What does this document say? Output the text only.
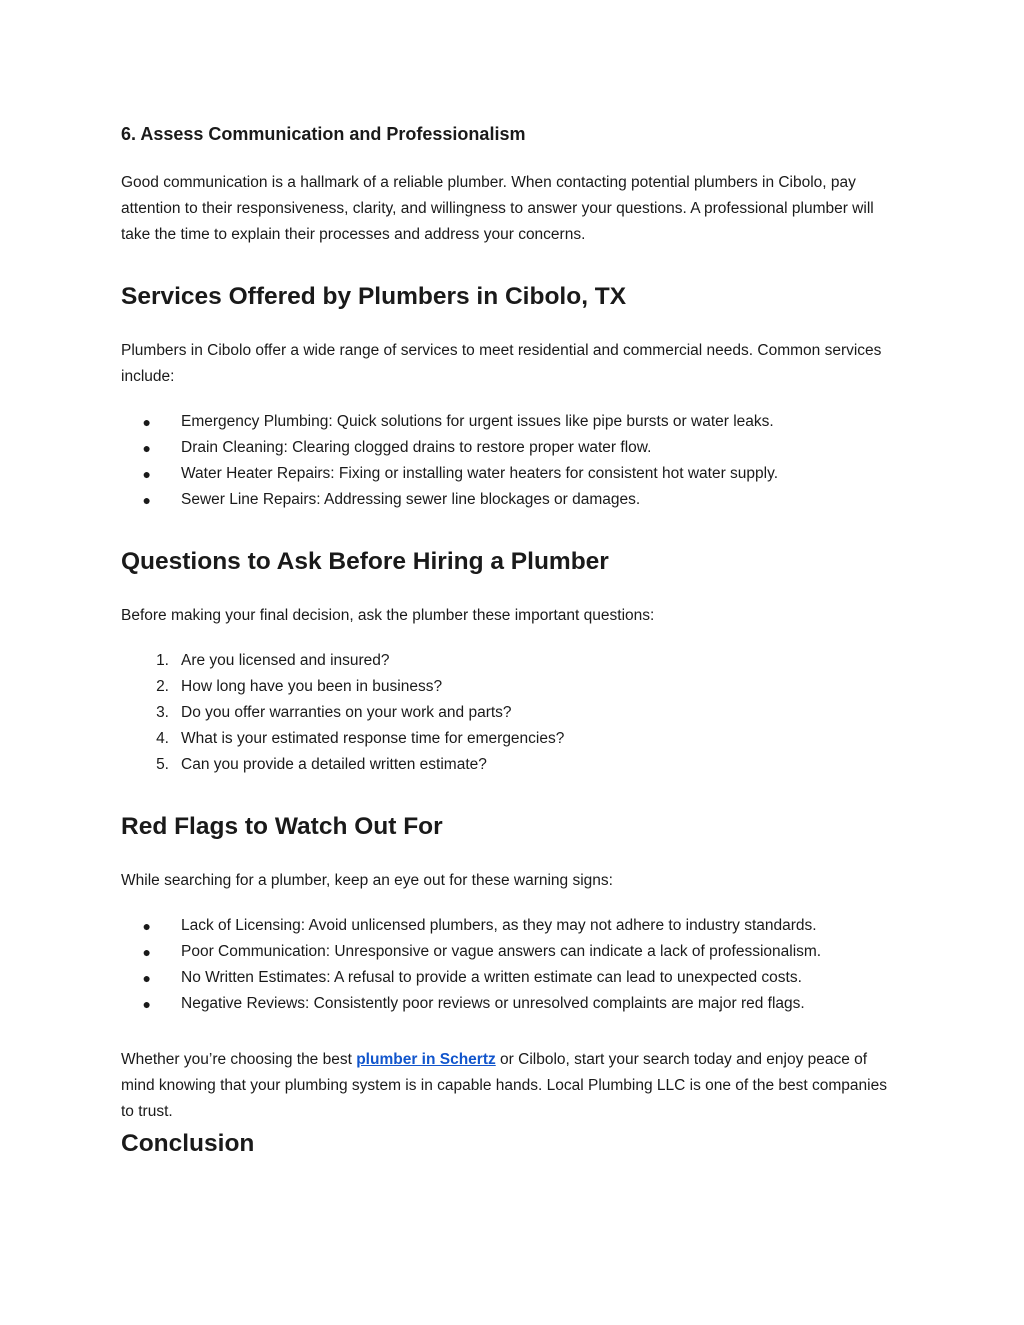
6. Assess Communication and Professionalism

Good communication is a hallmark of a reliable plumber. When contacting potential plumbers in Cibolo, pay attention to their responsiveness, clarity, and willingness to answer your questions. A professional plumber will take the time to explain their processes and address your concerns.

Services Offered by Plumbers in Cibolo, TX

Plumbers in Cibolo offer a wide range of services to meet residential and commercial needs. Common services include:

● Emergency Plumbing: Quick solutions for urgent issues like pipe bursts or water leaks.
● Drain Cleaning: Clearing clogged drains to restore proper water flow.
● Water Heater Repairs: Fixing or installing water heaters for consistent hot water supply.
● Sewer Line Repairs: Addressing sewer line blockages or damages.
Questions to Ask Before Hiring a Plumber

Before making your final decision, ask the plumber these important questions:

1. Are you licensed and insured?
2. How long have you been in business?
3. Do you offer warranties on your work and parts?
4. What is your estimated response time for emergencies?
5. Can you provide a detailed written estimate?
Red Flags to Watch Out For

While searching for a plumber, keep an eye out for these warning signs:

● Lack of Licensing: Avoid unlicensed plumbers, as they may not adhere to industry standards.
● Poor Communication: Unresponsive or vague answers can indicate a lack of professionalism.
● No Written Estimates: A refusal to provide a written estimate can lead to unexpected costs.
● Negative Reviews: Consistently poor reviews or unresolved complaints are major red flags.

Whether you’re choosing the best plumber in Schertz or Cilbolo, start your search today and enjoy peace of mind knowing that your plumbing system is in capable hands. Local Plumbing LLC is one of the best companies to trust.

Conclusion
